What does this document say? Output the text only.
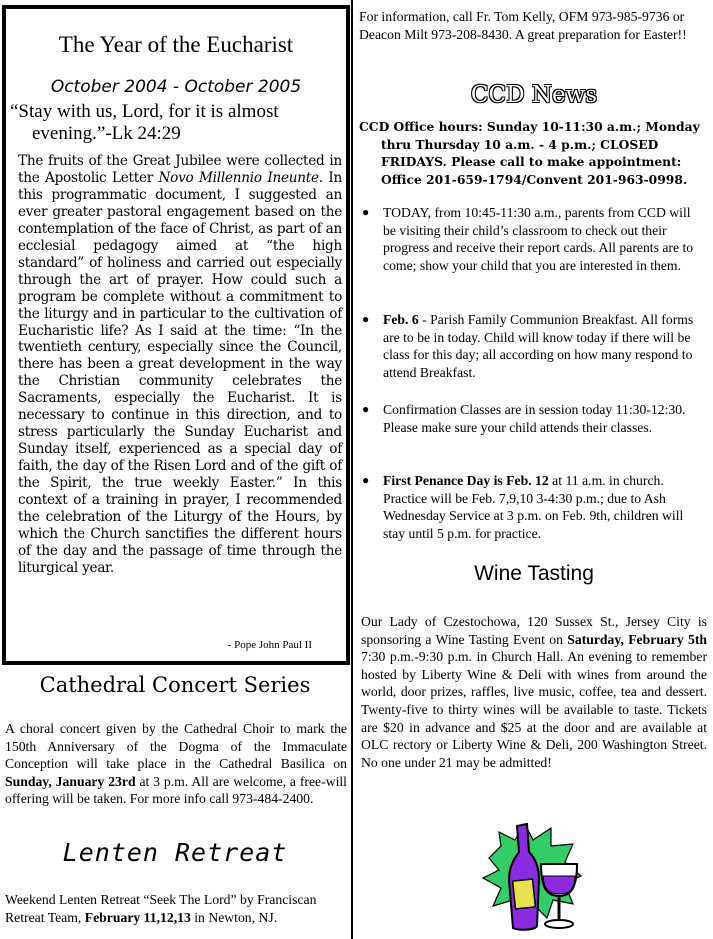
The Year of the Eucharist
October 2004 - October 2005
“Stay with us, Lord, for it is almost evening.”-Lk 24:29

The fruits of the Great Jubilee were collected in the Apostolic Letter Novo Millennio Ineunte. In this programmatic document, I suggested an ever greater pastoral engagement based on the contemplation of the face of Christ, as part of an ecclesial pedagogy aimed at “the high standard” of holiness and carried out especially through the art of prayer. How could such a program be complete without a commitment to the liturgy and in particular to the cultivation of Eucharistic life? As I said at the time: “In the twentieth century, especially since the Council, there has been a great development in the way the Christian community celebrates the Sacraments, especially the Eucharist. It is necessary to continue in this direction, and to stress particularly the Sunday Eucharist and Sunday itself, experienced as a special day of faith, the day of the Risen Lord and of the gift of the Spirit, the true weekly Easter.” In this context of a training in prayer, I recommended the celebration of the Liturgy of the Hours, by which the Church sanctifies the different hours of the day and the passage of time through the liturgical year.

- Pope John Paul II
Cathedral Concert Series
A choral concert given by the Cathedral Choir to mark the 150th Anniversary of the Dogma of the Immaculate Conception will take place in the Cathedral Basilica on Sunday, January 23rd at 3 p.m. All are welcome, a free-will offering will be taken. For more info call 973-484-2400.
Lenten Retreat
Weekend Lenten Retreat “Seek The Lord” by Franciscan Retreat Team, February 11,12,13 in Newton, NJ.
For information, call Fr. Tom Kelly, OFM 973-985-9736 or Deacon Milt 973-208-8430. A great preparation for Easter!!
CCD News
CCD Office hours: Sunday 10-11:30 a.m.; Monday thru Thursday 10 a.m. - 4 p.m.; CLOSED FRIDAYS. Please call to make appointment: Office 201-659-1794/Convent 201-963-0998.
● TODAY, from 10:45-11:30 a.m., parents from CCD will be visiting their child’s classroom to check out their progress and receive their report cards. All parents are to come; show your child that you are interested in them.
● Feb. 6 - Parish Family Communion Breakfast. All forms are to be in today. Child will know today if there will be class for this day; all according on how many respond to attend Breakfast.
● Confirmation Classes are in session today 11:30-12:30. Please make sure your child attends their classes.
● First Penance Day is Feb. 12 at 11 a.m. in church. Practice will be Feb. 7,9,10 3-4:30 p.m.; due to Ash Wednesday Service at 3 p.m. on Feb. 9th, children will stay until 5 p.m. for practice.
Wine Tasting
Our Lady of Czestochowa, 120 Sussex St., Jersey City is sponsoring a Wine Tasting Event on Saturday, February 5th 7:30 p.m.-9:30 p.m. in Church Hall. An evening to remember hosted by Liberty Wine & Deli with wines from around the world, door prizes, raffles, live music, coffee, tea and dessert. Twenty-five to thirty wines will be available to taste. Tickets are $20 in advance and $25 at the door and are available at OLC rectory or Liberty Wine & Deli, 200 Washington Street. No one under 21 may be admitted!
